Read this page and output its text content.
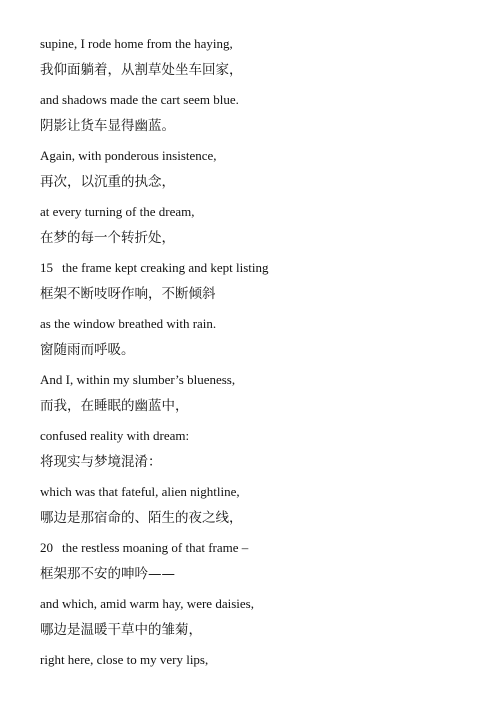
supine, I rode home from the haying,
我仰面躺着，从割草处坐车回家，
and shadows made the cart seem blue.
阴影让货车显得幽蓝。
Again, with ponderous insistence,
再次，以沉重的执念，
at every turning of the dream,
在梦的每一个转折处，
15 the frame kept creaking and kept listing
框架不断吱呀作响，不断倾斜
as the window breathed with rain.
窗随雨而呼吸。
And I, within my slumber’s blueness,
而我，在睡眠的幽蓝中，
confused reality with dream:
将现实与梦境混淆：
which was that fateful, alien nightline,
哪边是那宿命的、陌生的夜之线，
20 the restless moaning of that frame –
框架那不安的呻吟——
and which, amid warm hay, were daisies,
哪边是温暖干草中的雏菊，
right here, close to my very lips,
